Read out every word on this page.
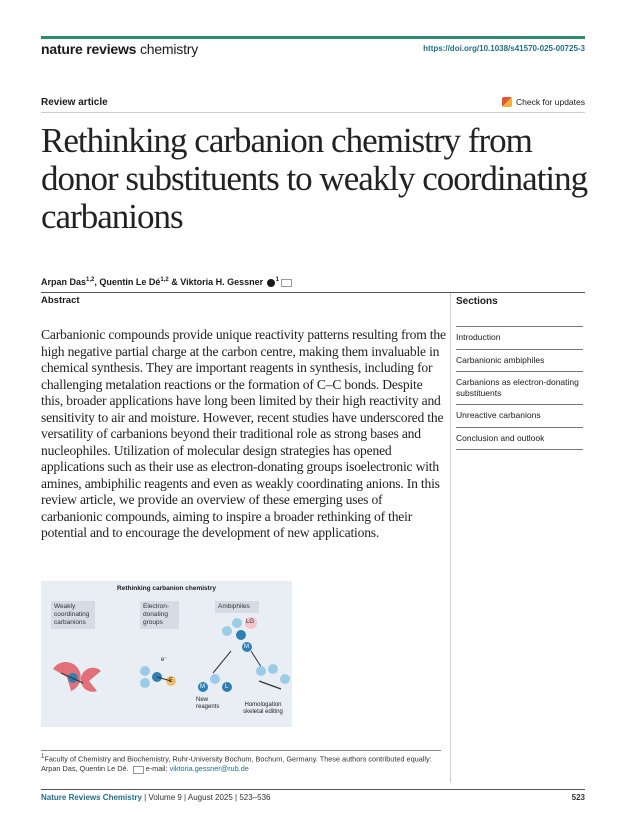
nature reviews chemistry	https://doi.org/10.1038/s41570-025-00725-3
Review article	Check for updates
Rethinking carbanion chemistry from donor substituents to weakly coordinating carbanions
Arpan Das$^{1,2}$, Quentin Le Dé$^{1,2}$ & Viktoria H. Gessner $^1$
Abstract	Sections
Introduction
Carbanionic ambiphiles
Carbanions as electron-donating substituents
Unreactive carbanions
Conclusion and outlook
Carbanionic compounds provide unique reactivity patterns resulting from the high negative partial charge at the carbon centre, making them invaluable in chemical synthesis. They are important reagents in synthesis, including for challenging metalation reactions or the formation of C–C bonds. Despite this, broader applications have long been limited by their high reactivity and sensitivity to air and moisture. However, recent studies have underscored the versatility of carbanions beyond their traditional role as strong bases and nucleophiles. Utilization of molecular design strategies has opened applications such as their use as electron-donating groups isoelectronic with amines, ambiphilic reagents and even as weakly coordinating anions. In this review article, we provide an overview of these emerging uses of carbanionic compounds, aiming to inspire a broader rethinking of their potential and to encourage the development of new applications.
Rethinking carbanion chemistry
Weakly coordinating carbanions
Electron-donating groups
Ambiphiles
LG
M
E
e⁻
M	L
New reagents	Homologation skeletal editing
$^1$Faculty of Chemistry and Biochemistry, Ruhr-University Bochum, Bochum, Germany. These authors contributed equally: Arpan Das, Quentin Le Dé.  e-mail: viktoria.gessner@rub.de
Nature Reviews Chemistry | Volume 9 | August 2025 | 523–536	523
